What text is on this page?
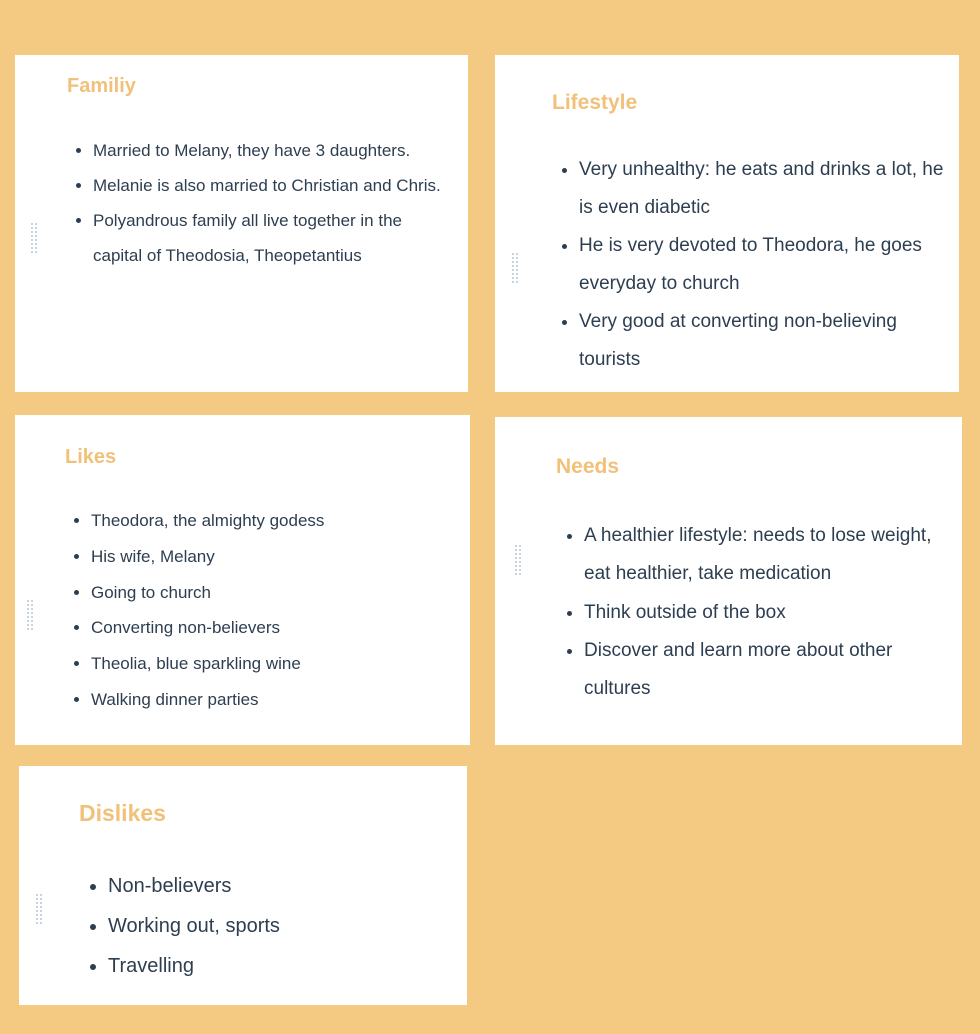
Familiy
• Married to Melany, they have 3 daughters.
• Melanie is also married to Christian and Chris.
• Polyandrous family all live together in the capital of Theodosia, Theopetantius
Lifestyle
• Very unhealthy: he eats and drinks a lot, he is even diabetic
• He is very devoted to Theodora, he goes everyday to church
• Very good at converting non-believing tourists
Likes
• Theodora, the almighty godess
• His wife, Melany
• Going to church
• Converting non-believers
• Theolia, blue sparkling wine
• Walking dinner parties
Needs
• A healthier lifestyle: needs to lose weight, eat healthier, take medication
• Think outside of the box
• Discover and learn more about other cultures
Dislikes
• Non-believers
• Working out, sports
• Travelling
